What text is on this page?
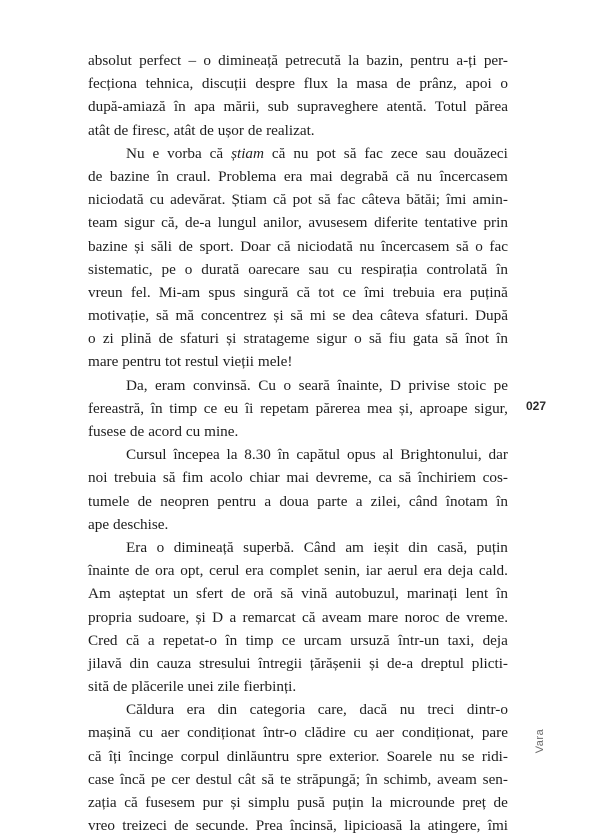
absolut perfect – o dimineață petrecută la bazin, pentru a-ți per-
fecționa tehnica, discuții despre flux la masa de prânz, apoi o
după-amiază în apa mării, sub supraveghere atentă. Totul părea
atât de firesc, atât de ușor de realizat.
Nu e vorba că știam că nu pot să fac zece sau douăzeci
de bazine în craul. Problema era mai degrabă că nu încercasem
niciodată cu adevărat. Știam că pot să fac câteva bătăi; îmi amin-
team sigur că, de-a lungul anilor, avusesem diferite tentative prin
bazine și săli de sport. Doar că niciodată nu încercasem să o fac
sistematic, pe o durată oarecare sau cu respirația controlată în
vreun fel. Mi-am spus singură că tot ce îmi trebuia era puțină
motivație, să mă concentrez și să mi se dea câteva sfaturi. După
o zi plină de sfaturi și stratageme sigur o să fiu gata să înot în
mare pentru tot restul vieții mele!
Da, eram convinsă. Cu o seară înainte, D privise stoic pe
fereastră, în timp ce eu îi repetam părerea mea și, aproape sigur,
fusese de acord cu mine.
Cursul începea la 8.30 în capătul opus al Brightonului, dar
noi trebuia să fim acolo chiar mai devreme, ca să închiriem cos-
tumele de neopren pentru a doua parte a zilei, când înotam în
ape deschise.
Era o dimineață superbă. Când am ieșit din casă, puțin
înainte de ora opt, cerul era complet senin, iar aerul era deja cald.
Am așteptat un sfert de oră să vină autobuzul, marinați lent în
propria sudoare, și D a remarcat că aveam mare noroc de vreme.
Cred că a repetat-o în timp ce urcam ursuză într-un taxi, deja
jilavă din cauza stresului întregii țărășenii și de-a dreptul plicti-
sită de plăcerile unei zile fierbinți.
Căldura era din categoria care, dacă nu treci dintr-o
mașină cu aer condiționat într-o clădire cu aer condiționat, pare
că îți încinge corpul dinlăuntru spre exterior. Soarele nu se ridi-
case încă pe cer destul cât să te străpungă; în schimb, aveam sen-
zația că fusesem pur și simplu pusă puțin la microunde preț de
vreo treizeci de secunde. Prea încinsă, lipicioasă la atingere, îmi
027
Vara
